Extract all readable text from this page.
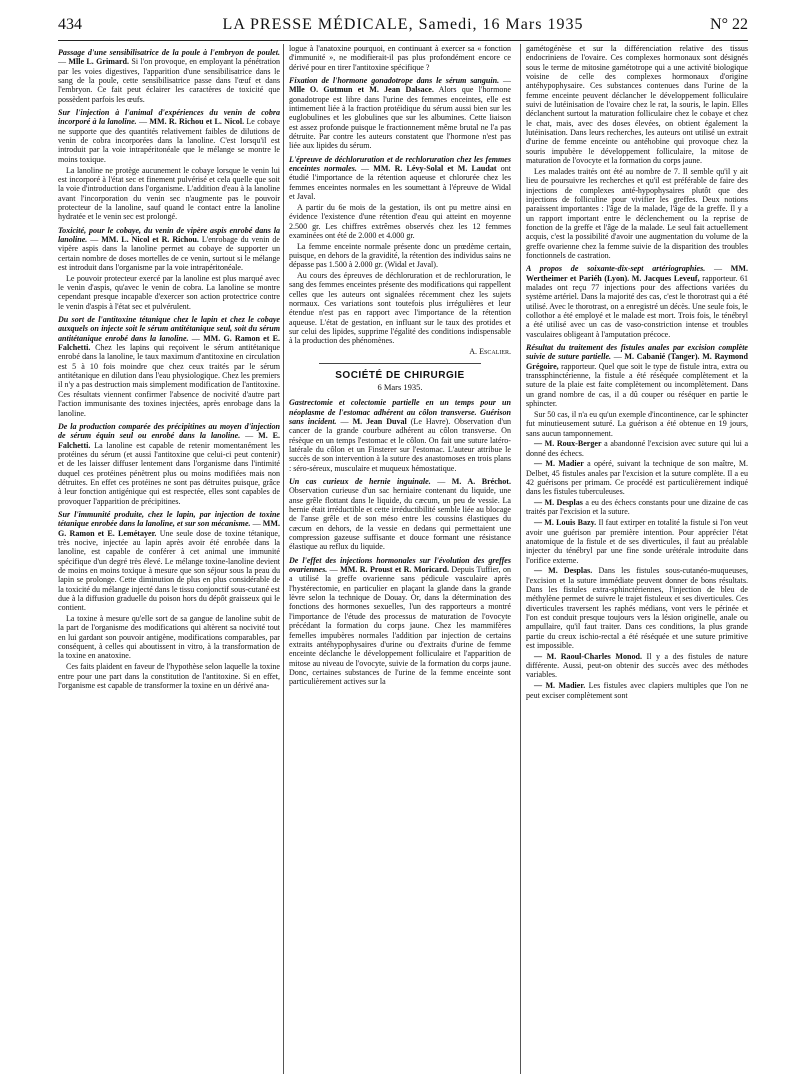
434	LA PRESSE MÉDICALE, Samedi, 16 Mars 1935	N° 22

Passage d'une sensibilisatrice de la poule à l'embryon de poulet. — Mlle L. Grimard. Si l'on provoque, en employant la pénétration par les voies digestives, l'apparition d'une sensibilisatrice dans le sang de la poule, cette sensibilisatrice passe dans l'œuf et dans l'embryon. Ce fait peut éclairer les caractères de toxicité que possèdent parfois les œufs.

Sur l'injection à l'animal d'expériences du venin de cobra incorporé à la lanoline. — MM. R. Richou et L. Nicol. Le cobaye ne supporte que des quantités relativement faibles de dilutions de venin de cobra incorporées dans la lanoline. C'est lorsqu'il est introduit par la voie intrapéritonéale que le mélange se montre le moins toxique.

La lanoline ne protège aucunement le cobaye lorsque le venin lui est incorporé à l'état sec et finement pulvérisé et cela quelle que soit la voie d'introduction dans l'organisme. L'addition d'eau à la lanoline avant l'incorporation du venin sec n'augmente pas le pouvoir protecteur de la lanoline, sauf quand le contact entre la lanoline hydratée et le venin sec est prolongé.

Toxicité, pour le cobaye, du venin de vipère aspis enrobé dans la lanoline. — MM. L. Nicol et R. Richou. L'enrobage du venin de vipère aspis dans la lanoline permet au cobaye de supporter un certain nombre de doses mortelles de ce venin, surtout si le mélange est introduit dans l'organisme par la voie intrapéritonéale.

Le pouvoir protecteur exercé par la lanoline est plus marqué avec le venin d'aspis, qu'avec le venin de cobra. La lanoline se montre cependant presque incapable d'exercer son action protectrice contre le venin d'aspis à l'état sec et pulvérulent.

Du sort de l'antitoxine tétanique chez le lapin et chez le cobaye auxquels on injecte soit le sérum antitétanique seul, soit du sérum antitétanique enrobé dans la lanoline. — MM. G. Ramon et E. Falchetti. Chez les lapins qui reçoivent le sérum antitétanique enrobé dans la lanoline, le taux maximum d'antitoxine en circulation est 5 à 10 fois moindre que chez ceux traités par le sérum antitétanique en dilution dans l'eau physiologique. Chez les premiers il n'y a pas destruction mais simplement modification de l'antitoxine. Ces résultats viennent confirmer l'absence de nocivité d'autre part l'action immunisante des toxines injectées, après enrobage dans la lanoline.

De la production comparée des précipitines au moyen d'injection de sérum équin seul ou enrobé dans la lanoline. — M. E. Falchetti. La lanoline est capable de retenir momentanément les protéines du sérum (et aussi l'antitoxine que celui-ci peut contenir) et de les laisser diffuser lentement dans l'organisme dans l'intimité duquel ces protéines pénètrent plus ou moins modifiées mais non détruites. En effet ces protéines ne sont pas détruites puisque, grâce à leur fonction antigénique qui est respectée, elles sont capables de provoquer l'apparition de précipitines.

Sur l'immunité produite, chez le lapin, par injection de toxine tétanique enrobée dans la lanoline, et sur son mécanisme. — MM. G. Ramon et E. Lemétayer. Une seule dose de toxine tétanique, très nocive, injectée au lapin après avoir été enrobée dans la lanoline, est capable de conférer à cet animal une immunité spécifique d'un degré très élevé. Le mélange toxine-lanoline devient de moins en moins toxique à mesure que son séjour sous la peau du lapin se prolonge. Cette diminution de plus en plus considérable de la toxicité du mélange injecté dans le tissu conjonctif sous-cutané est due à la diffusion graduelle du poison hors du dépôt graisseux qui le contient.

La toxine à mesure qu'elle sort de sa gangue de lanoline subit de la part de l'organisme des modifications qui altèrent sa nocivité tout en lui gardant son pouvoir antigène, modifications comparables, par conséquent, à celles qui aboutissent in vitro, à la transformation de la toxine en anatoxine.

Ces faits plaident en faveur de l'hypothèse selon laquelle la toxine entre pour une part dans la constitution de l'antitoxine. Si en effet, l'organisme est capable de transformer la toxine en un dérivé ana-

logue à l'anatoxine pourquoi, en continuant à exercer sa « fonction d'immunité », ne modifierait-il pas plus profondément encore ce dérivé pour en tirer l'antitoxine spécifique ?

Fixation de l'hormone gonadotrope dans le sérum sanguin. — Mlle O. Gutmun et M. Jean Dalsace. Alors que l'hormone gonadotrope est libre dans l'urine des femmes enceintes, elle est intimement liée à la fraction protéidique du sérum aussi bien sur les euglobulines et les globulines que sur les albumines. Cette liaison est assez profonde puisque le fractionnement même brutal ne l'a pas détruite. Par contre les auteurs constatent que l'hormone n'est pas liée aux lipides du sérum.

L'épreuve de déchloruration et de rechloruration chez les femmes enceintes normales. — MM. R. Lévy-Solal et M. Laudat ont étudié l'importance de la rétention aqueuse et chlorurée chez les femmes enceintes normales en les soumettant à l'épreuve de Widal et Javal.

A partir du 6e mois de la gestation, ils ont pu mettre ainsi en évidence l'existence d'une rétention d'eau qui atteint en moyenne 2.500 gr. Les chiffres extrêmes observés chez les 12 femmes examinées ont été de 2.000 et 4.000 gr.

La femme enceinte normale présente donc un prœdème certain, puisque, en dehors de la gravidité, la rétention des individus sains ne dépasse pas 1.500 à 2.000 gr. (Widal et Javal).

Au cours des épreuves de déchloruration et de rechloruration, le sang des femmes enceintes présente des modifications qui rappellent celles que les auteurs ont signalées récemment chez les sujets normaux. Ces variations sont toutefois plus irrégulières et leur étendue n'est pas en rapport avec l'importance de la rétention aqueuse. L'état de gestation, en influant sur le taux des protides et sur celui des lipides, supprime l'égalité des conditions indispensable à la production des phénomènes.

A. Escalier.

SOCIÉTÉ DE CHIRURGIE
6 Mars 1935.

Gastrectomie et colectomie partielle en un temps pour un néoplasme de l'estomac adhérent au côlon transverse. Guérison sans incident. — M. Jean Duval (Le Havre). Observation d'un cancer de la grande courbure adhérent au côlon transverse. On résèque en un temps l'estomac et le côlon. On fait une suture latéro-latérale du côlon et un Finsterer sur l'estomac. L'auteur attribue le succès de son intervention à la suture des anastomoses en trois plans : séro-séreux, musculaire et muqueux hémostatique.

Un cas curieux de hernie inguinale. — M. A. Bréchot. Observation curieuse d'un sac herniaire contenant du liquide, une anse grêle flottant dans le liquide, du cæcum, un peu de vessie. La hernie était irréductible et cette irréductibilité semble liée au blocage de l'anse grêle et de son méso entre les coussins élastiques du cæcum en dehors, de la vessie en dedans qui permettaient une compression gazeuse suffisante et douce formant une résistance élastique au reflux du liquide.

De l'effet des injections hormonales sur l'évolution des greffes ovariennes. — MM. R. Proust et R. Moricard. Depuis Tuffier, on a utilisé la greffe ovarienne sans pédicule vasculaire après l'hystérectomie, en particulier en plaçant la glande dans la grande lèvre selon la technique de Douay. Or, dans la détermination des fonctions des hormones sexuelles, l'un des rapporteurs a montré l'importance de l'étude des processus de maturation de l'ovocyte précédant la formation du corps jaune. Chez les mammifères femelles impubères normales l'addition par injection de certains extraits antéhypophysaires d'urine ou d'extraits d'urine de femme enceinte déclanche le développement folliculaire et l'apparition de mitose au niveau de l'ovocyte, suivie de la formation du corps jaune. Donc, certaines substances de l'urine de la femme enceinte sont particulièrement actives sur la

gamétogénèse et sur la différenciation relative des tissus endocriniens de l'ovaire. Ces complexes hormonaux sont désignés sous le terme de mitosine gamétotrope qui a une activité biologique voisine de celle des complexes hormonaux d'origine antéhypophysaire. Ces substances contenues dans l'urine de la femme enceinte peuvent déclancher le développement folliculaire suivi de lutéinisation de l'ovaire chez le rat, la souris, le lapin. Elles déclanchent surtout la maturation folliculaire chez le cobaye et chez le chat, mais, avec des doses élevées, on obtient également la lutéinisation. Dans leurs recherches, les auteurs ont utilisé un extrait d'urine de femme enceinte ou antéhobine qui provoque chez la souris impubère le développement folliculaire, la mitose de maturation de l'ovocyte et la formation du corps jaune.

Les malades traités ont été au nombre de 7. Il semble qu'il y ait lieu de poursuivre les recherches et qu'il est préférable de faire des injections de complexes anté-hypophysaires plutôt que des injections de folliculine pour vivifier les greffes. Deux notions paraissent importantes : l'âge de la malade, l'âge de la greffe. Il y a un rapport important entre le déclenchement ou la reprise de fonction de la greffe et l'âge de la malade. Le seul fait actuellement acquis, c'est la possibilité d'avoir une augmentation du volume de la greffe ovarienne chez la femme suivie de la disparition des troubles fonctionnels de castration.

A propos de soixante-dix-sept artériographies. — MM. Wertheimer et Pariéh (Lyon). M. Jacques Leveuf, rapporteur. 61 malades ont reçu 77 injections pour des affections variées du système artériel. Dans la majorité des cas, c'est le thorotrast qui a été utilisé. Avec le thorotrast, on a enregistré un décès. Une seule fois, le collothor a été employé et le malade est mort. Trois fois, le ténébryl a été utilisé avec un cas de vaso-constriction intense et troubles vasculaires obligeant à l'amputation précoce.

Résultat du traitement des fistules anales par excision complète suivie de suture partielle. — M. Cabanié (Tanger). M. Raymond Grégoire, rapporteur. Quel que soit le type de fistule intra, extra ou transsphinctérienne, la fistule a été réséquée complètement et la suture de la plaie est faite complètement ou incomplètement. Dans un grand nombre de cas, il a dû couper ou réséquer en partie le sphincter.

Sur 50 cas, il n'a eu qu'un exemple d'incontinence, car le sphincter fut minutieusement suturé. La guérison a été obtenue en 19 jours, sans aucun tamponnement.

— M. Roux-Berger a abandonné l'excision avec suture qui lui a donné des échecs.

— M. Madier a opéré, suivant la technique de son maître, M. Delbet, 45 fistules anales par l'excision et la suture complète. Il a eu 42 guérisons per primam. Ce procédé est particulièrement indiqué dans les fistules tuberculeuses.

— M. Desplas a eu des échecs constants pour une dizaine de cas traités par l'excision et la suture.

— M. Louis Bazy. Il faut extirper en totalité la fistule si l'on veut avoir une guérison par première intention. Pour apprécier l'état anatomique de la fistule et de ses diverticules, il faut au préalable injecter du ténébryl par une fine sonde urétérale introduite dans l'orifice externe.

— M. Desplas. Dans les fistules sous-cutanéo-muqueuses, l'excision et la suture immédiate peuvent donner de bons résultats. Dans les fistules extra-sphinctériennes, l'injection de bleu de méthylène permet de suivre le trajet fistuleux et ses diverticules. Ces diverticules traversent les raphés médians, vont vers le périnée et l'on est conduit presque toujours vers la lésion originelle, anale ou ampullaire, qu'il faut traiter. Dans ces conditions, la plus grande partie du creux ischio-rectal a été réséquée et une suture primitive est impossible.

— M. Raoul-Charles Monod. Il y a des fistules de nature différente. Aussi, peut-on obtenir des succès avec des méthodes variables.

— M. Madier. Les fistules avec clapiers multiples que l'on ne peut exciser complètement sont
